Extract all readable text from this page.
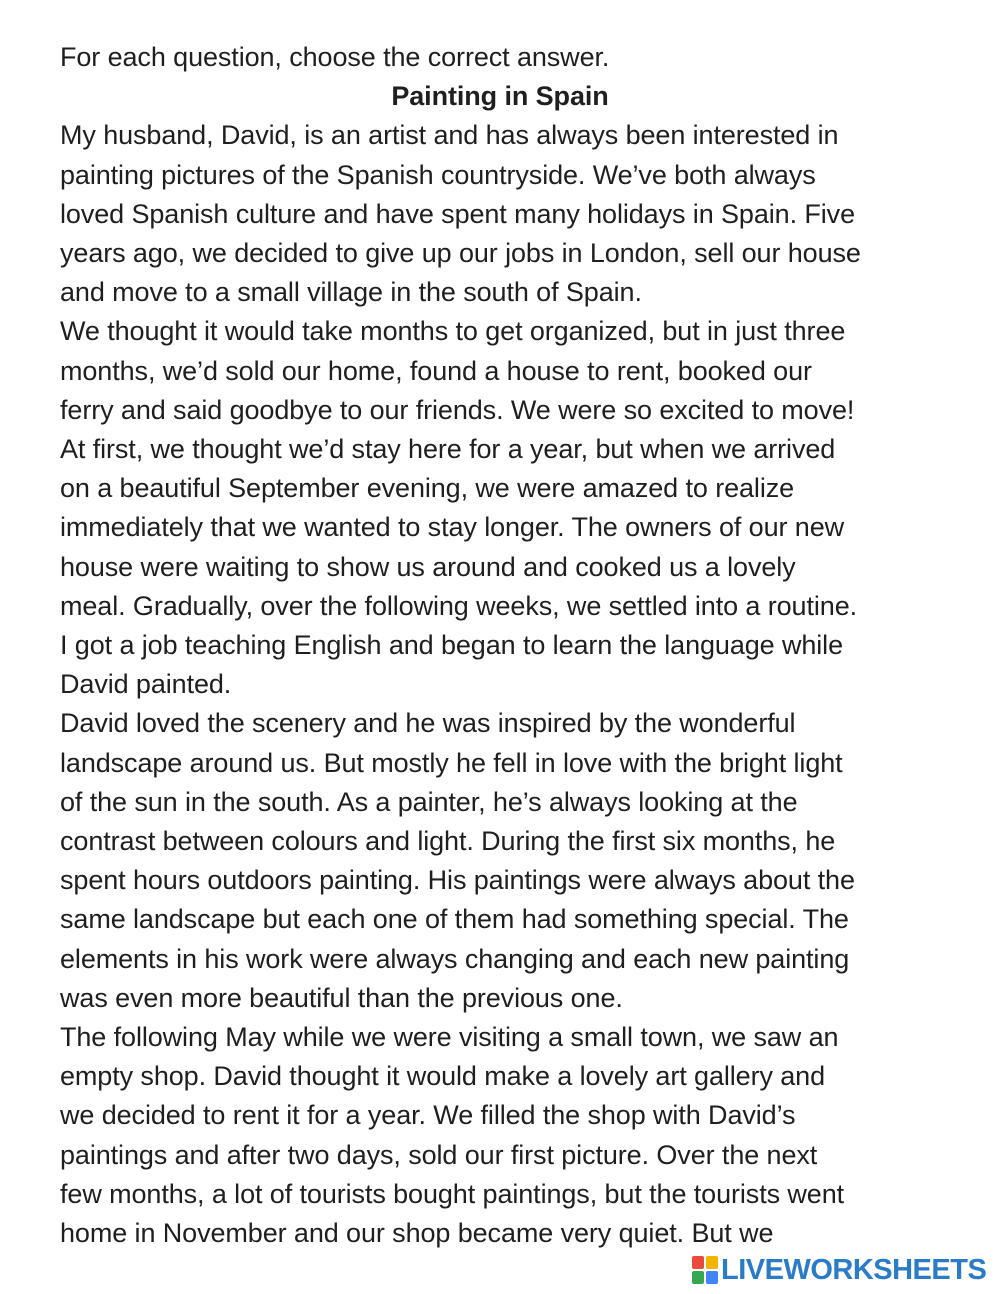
For each question, choose the correct answer.
Painting in Spain
My husband, David, is an artist and has always been interested in
painting pictures of the Spanish countryside. We’ve both always
loved Spanish culture and have spent many holidays in Spain. Five
years ago, we decided to give up our jobs in London, sell our house
and move to a small village in the south of Spain.
We thought it would take months to get organized, but in just three
months, we’d sold our home, found a house to rent, booked our
ferry and said goodbye to our friends. We were so excited to move!
At first, we thought we’d stay here for a year, but when we arrived
on a beautiful September evening, we were amazed to realize
immediately that we wanted to stay longer. The owners of our new
house were waiting to show us around and cooked us a lovely
meal. Gradually, over the following weeks, we settled into a routine.
I got a job teaching English and began to learn the language while
David painted.
David loved the scenery and he was inspired by the wonderful
landscape around us. But mostly he fell in love with the bright light
of the sun in the south. As a painter, he’s always looking at the
contrast between colours and light. During the first six months, he
spent hours outdoors painting. His paintings were always about the
same landscape but each one of them had something special. The
elements in his work were always changing and each new painting
was even more beautiful than the previous one.
The following May while we were visiting a small town, we saw an
empty shop. David thought it would make a lovely art gallery and
we decided to rent it for a year. We filled the shop with David’s
paintings and after two days, sold our first picture. Over the next
few months, a lot of tourists bought paintings, but the tourists went
home in November and our shop became very quiet. But we
LIVEWORKSHEETS
